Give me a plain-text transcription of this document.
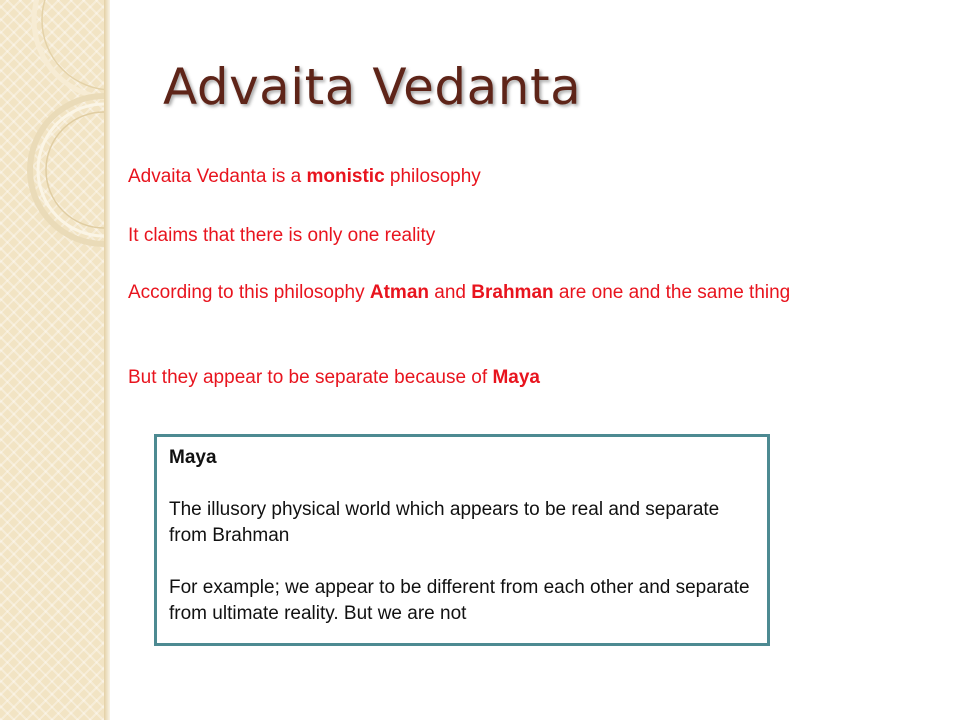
Advaita Vedanta
Advaita Vedanta is a monistic philosophy
It claims that there is only one reality
According to this philosophy Atman and Brahman are one and the same thing
But they appear to be separate because of Maya
Maya
The illusory physical world which appears to be real and separate from Brahman
For example; we appear to be different from each other and separate from ultimate reality. But we are not
